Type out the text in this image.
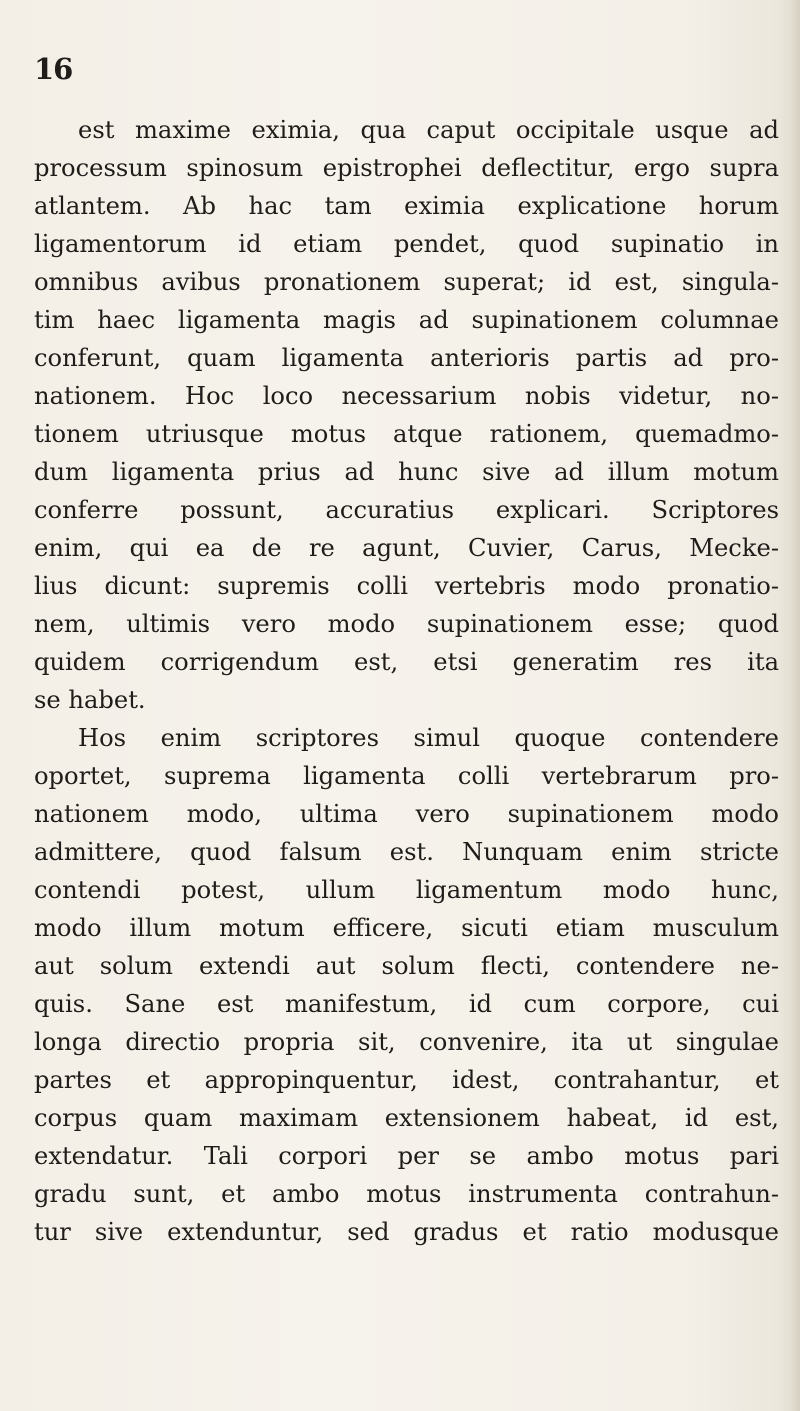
16
est maxime eximia, qua caput occipitale usque ad
processum spinosum epistrophei deflectitur, ergo supra
atlantem. Ab hac tam eximia explicatione horum
ligamentorum id etiam pendet, quod supinatio in
omnibus avibus pronationem superat; id est, singula-
tim haec ligamenta magis ad supinationem columnae
conferunt, quam ligamenta anterioris partis ad pro-
nationem. Hoc loco necessarium nobis videtur, no-
tionem utriusque motus atque rationem, quemadmo-
dum ligamenta prius ad hunc sive ad illum motum
conferre possunt, accuratius explicari. Scriptores
enim, qui ea de re agunt, Cuvier, Carus, Mecke-
lius dicunt: supremis colli vertebris modo pronatio-
nem, ultimis vero modo supinationem esse; quod
quidem corrigendum est, etsi generatim res ita
se habet.
Hos enim scriptores simul quoque contendere
oportet, suprema ligamenta colli vertebrarum pro-
nationem modo, ultima vero supinationem modo
admittere, quod falsum est. Nunquam enim stricte
contendi potest, ullum ligamentum modo hunc,
modo illum motum efficere, sicuti etiam musculum
aut solum extendi aut solum flecti, contendere ne-
quis. Sane est manifestum, id cum corpore, cui
longa directio propria sit, convenire, ita ut singulae
partes et appropinquentur, idest, contrahantur, et
corpus quam maximam extensionem habeat, id est,
extendatur. Tali corpori per se ambo motus pari
gradu sunt, et ambo motus instrumenta contrahun-
tur sive extenduntur, sed gradus et ratio modusque
